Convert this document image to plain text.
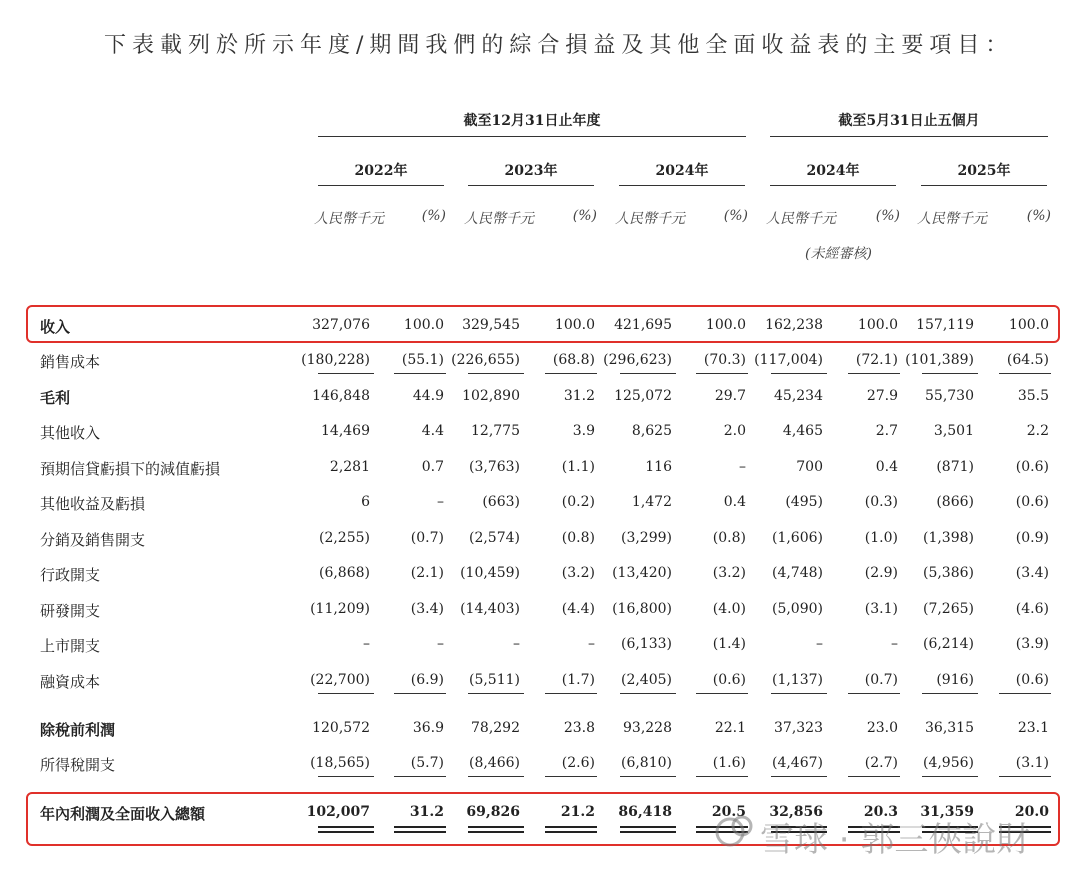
下表載列於所示年度/期間我們的綜合損益及其他全面收益表的主要項目：
截至12月31日止年度	截至5月31日止五個月
2022年
人民幣千元	(%)
2023年
人民幣千元	(%)
2024年
人民幣千元	(%)
2024年
人民幣千元	(%)
2025年
人民幣千元	(%)
(未經審核)
收入	327,076 100.0 329,545 100.0 421,695 100.0 162,238 100.0 157,119 100.0
銷售成本	(180,228) (55.1) (226,655) (68.8) (296,623) (70.3) (117,004) (72.1) (101,389) (64.5)
毛利	146,848	44.9 102,890	31.2 125,072	29.7 45,234	27.9 55,730	35.5
其他收入	14,469	4.4 12,775	3.9	8,625	2.0	4,465	2.7	3,501	2.2
預期信貸虧損下的減值虧損	2,281	0.7 (3,763)	(1.1)	116	–	700	0.4	(871)	(0.6)
其他收益及虧損	6	–	(663)	(0.2)	1,472	0.4	(495)	(0.3)	(866)	(0.6)
分銷及銷售開支	(2,255)	(0.7) (2,574)	(0.8) (3,299)	(0.8) (1,606)	(1.0) (1,398)	(0.9)
行政開支	(6,868)	(2.1) (10,459)	(3.2) (13,420)	(3.2) (4,748)	(2.9) (5,386)	(3.4)
研發開支	(11,209)	(3.4) (14,403)	(4.4) (16,800)	(4.0) (5,090)	(3.1) (7,265)	(4.6)
上市開支	–	–	–	– (6,133)	(1.4)	–	– (6,214)	(3.9)
融資成本	(22,700)	(6.9) (5,511)	(1.7) (2,405)	(0.6) (1,137)	(0.7)	(916)	(0.6)
除稅前利潤	120,572	36.9 78,292	23.8 93,228	22.1 37,323	23.0 36,315	23.1
所得稅開支	(18,565)	(5.7) (8,466)	(2.6) (6,810)	(1.6) (4,467)	(2.7) (4,956)	(3.1)
年內利潤及全面收入總額	102,007	31.2 69,826	21.2 86,418	20.5 32,856	20.3 31,359	20.0
雪球 · 郭三俠說財
